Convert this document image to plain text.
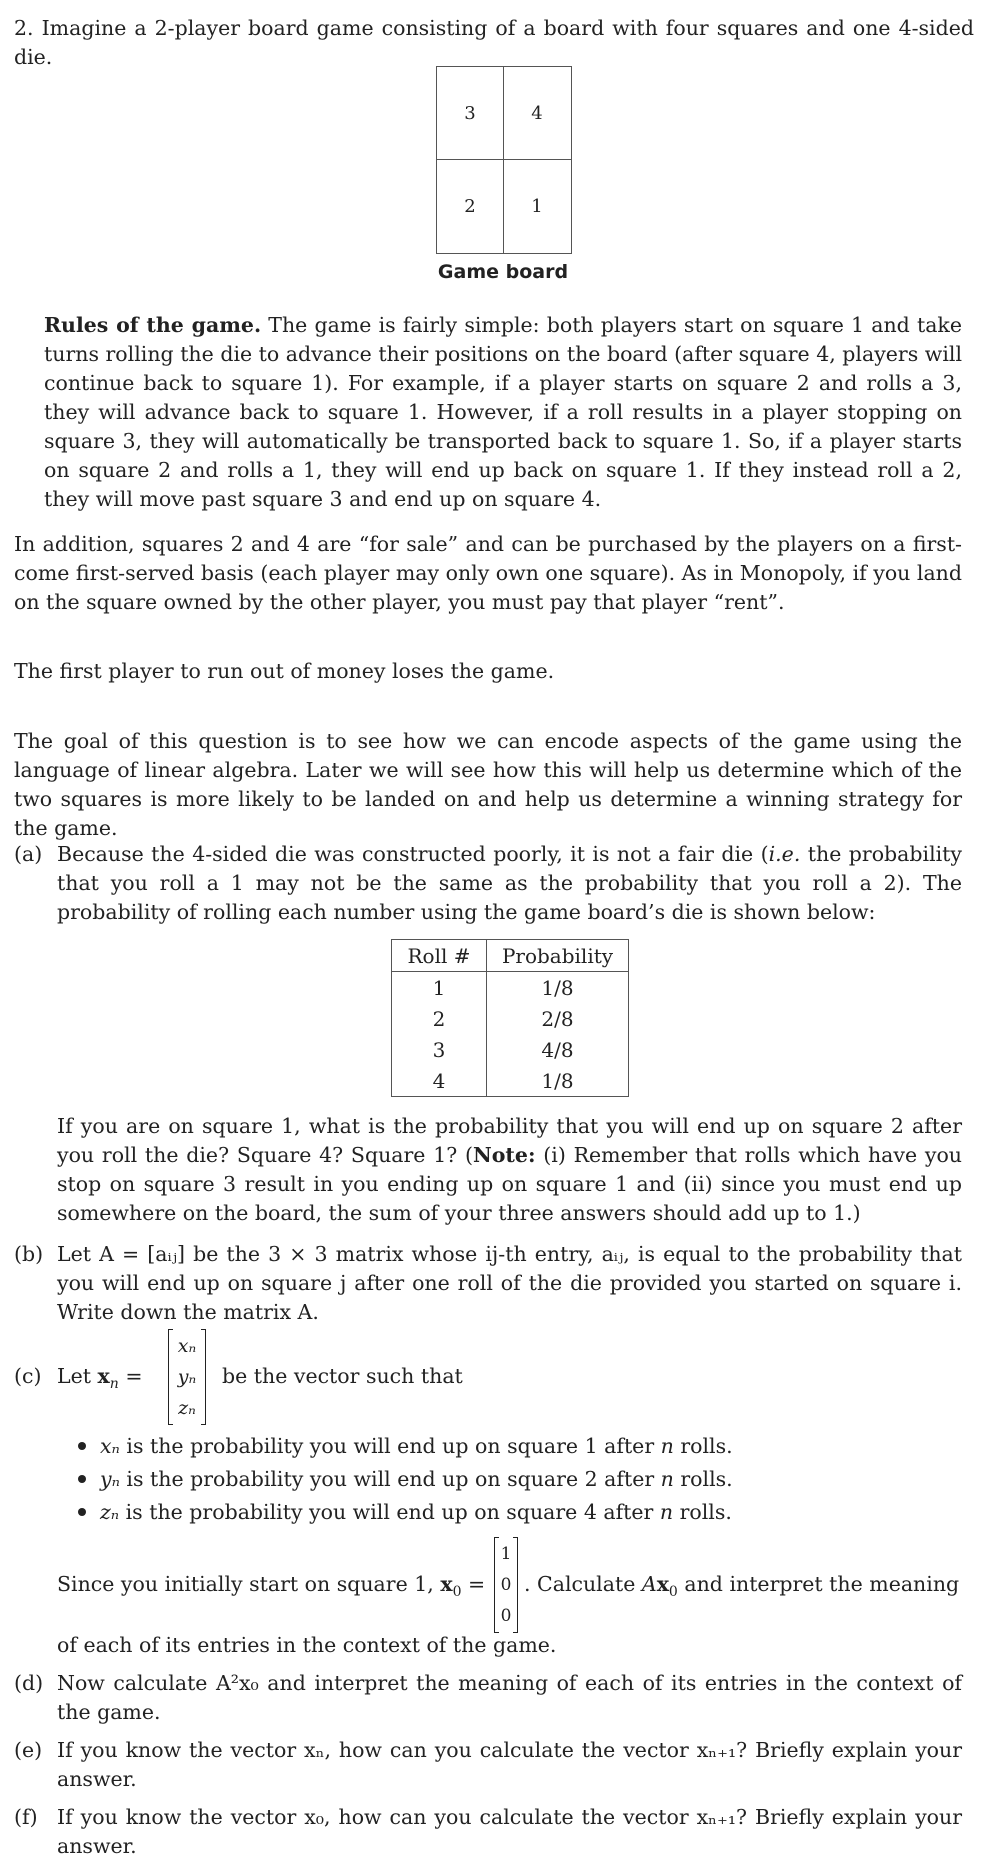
2. Imagine a 2-player board game consisting of a board with four squares and one 4-sided die.
3	4
2	1
Game board
Rules of the game. The game is fairly simple: both players start on square 1 and take turns rolling the die to advance their positions on the board (after square 4, players will continue back to square 1). For example, if a player starts on square 2 and rolls a 3, they will advance back to square 1. However, if a roll results in a player stopping on square 3, they will automatically be transported back to square 1. So, if a player starts on square 2 and rolls a 1, they will end up back on square 1. If they instead roll a 2, they will move past square 3 and end up on square 4.
In addition, squares 2 and 4 are “for sale” and can be purchased by the players on a first-come first-served basis (each player may only own one square). As in Monopoly, if you land on the square owned by the other player, you must pay that player “rent”.
The first player to run out of money loses the game.
The goal of this question is to see how we can encode aspects of the game using the language of linear algebra. Later we will see how this will help us determine which of the two squares is more likely to be landed on and help us determine a winning strategy for the game.
(a) Because the 4-sided die was constructed poorly, it is not a fair die (i.e. the probability that you roll a 1 may not be the same as the probability that you roll a 2). The probability of rolling each number using the game board’s die is shown below:
Roll #	Probability
1	1/8
2	2/8
3	4/8
4	1/8
If you are on square 1, what is the probability that you will end up on square 2 after you roll the die? Square 4? Square 1? (Note: (i) Remember that rolls which have you stop on square 3 result in you ending up on square 1 and (ii) since you must end up somewhere on the board, the sum of your three answers should add up to 1.)
(b) Let A = [aᵢⱼ] be the 3 × 3 matrix whose ij-th entry, aᵢⱼ, is equal to the probability that you will end up on square j after one roll of the die provided you started on square i. Write down the matrix A.
(c) Let $x_n$ =
xₙ
yₙ
zₙ
be the vector such that
xₙ is the probability you will end up on square 1 after n rolls.
yₙ is the probability you will end up on square 2 after n rolls.
zₙ is the probability you will end up on square 4 after n rolls.
Since you initially start on square 1, $x_0$ =
1
0
0
. Calculate $Ax_0$ and interpret the meaning
of each of its entries in the context of the game.
(d) Now calculate A²x₀ and interpret the meaning of each of its entries in the context of the game.
(e) If you know the vector xₙ, how can you calculate the vector xₙ₊₁? Briefly explain your answer.
(f) If you know the vector x₀, how can you calculate the vector xₙ₊₁? Briefly explain your answer.
